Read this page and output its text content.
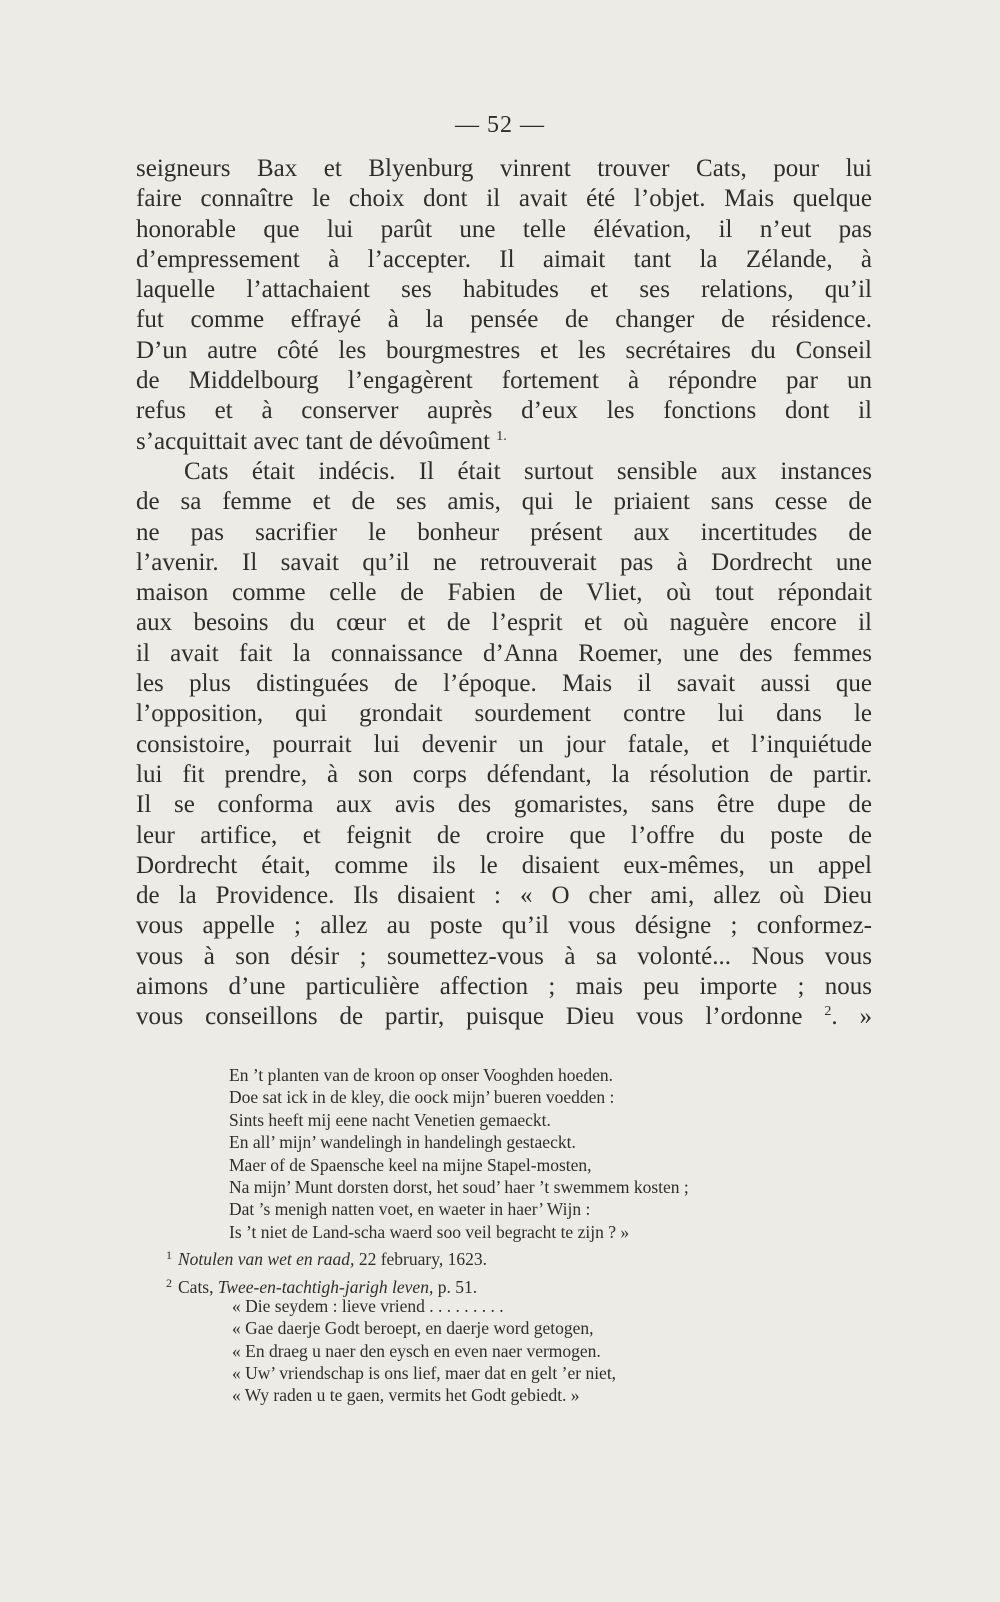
— 52 —
seigneurs Bax et Blyenburg vinrent trouver Cats, pour lui
faire connaître le choix dont il avait été l’objet. Mais quelque
honorable que lui parût une telle élévation, il n’eut pas
d’empressement à l’accepter. Il aimait tant la Zélande, à
laquelle l’attachaient ses habitudes et ses relations, qu’il
fut comme effrayé à la pensée de changer de résidence.
D’un autre côté les bourgmestres et les secrétaires du Conseil
de Middelbourg l’engagèrent fortement à répondre par un
refus et à conserver auprès d’eux les fonctions dont il
s’acquittait avec tant de dévoûment $^{1.}$
Cats était indécis. Il était surtout sensible aux instances
de sa femme et de ses amis, qui le priaient sans cesse de
ne pas sacrifier le bonheur présent aux incertitudes de
l’avenir. Il savait qu’il ne retrouverait pas à Dordrecht une
maison comme celle de Fabien de Vliet, où tout répondait
aux besoins du cœur et de l’esprit et où naguère encore il
il avait fait la connaissance d’Anna Roemer, une des femmes
les plus distinguées de l’époque. Mais il savait aussi que
l’opposition, qui grondait sourdement contre lui dans le
consistoire, pourrait lui devenir un jour fatale, et l’inquiétude
lui fit prendre, à son corps défendant, la résolution de partir.
Il se conforma aux avis des gomaristes, sans être dupe de
leur artifice, et feignit de croire que l’offre du poste de
Dordrecht était, comme ils le disaient eux-mêmes, un appel
de la Providence. Ils disaient : « O cher ami, allez où Dieu
vous appelle ; allez au poste qu’il vous désigne ; conformez-
vous à son désir ; soumettez-vous à sa volonté... Nous vous
aimons d’une particulière affection ; mais peu importe ; nous
vous conseillons de partir, puisque Dieu vous l’ordonne $^2$. »
En ’t planten van de kroon op onser Vooghden hoeden.
Doe sat ick in de kley, die oock mijn’ bueren voedden :
Sints heeft mij eene nacht Venetien gemaeckt.
En all’ mijn’ wandelingh in handelingh gestaeckt.
Maer of de Spaensche keel na mijne Stapel-mosten,
Na mijn’ Munt dorsten dorst, het soud’ haer ’t swemmem kosten ;
Dat ’s menigh natten voet, en waeter in haer’ Wijn :
Is ’t niet de Land-scha waerd soo veil begracht te zijn ? »
$^1$ Notulen van wet en raad, 22 february, 1623.
$^2$ Cats, Twee-en-tachtigh-jarigh leven, p. 51.
« Die seydem : lieve vriend . . . . . . . . .
« Gae daerje Godt beroept, en daerje word getogen,
« En draeg u naer den eysch en even naer vermogen.
« Uw’ vriendschap is ons lief, maer dat en gelt ’er niet,
« Wy raden u te gaen, vermits het Godt gebiedt. »
